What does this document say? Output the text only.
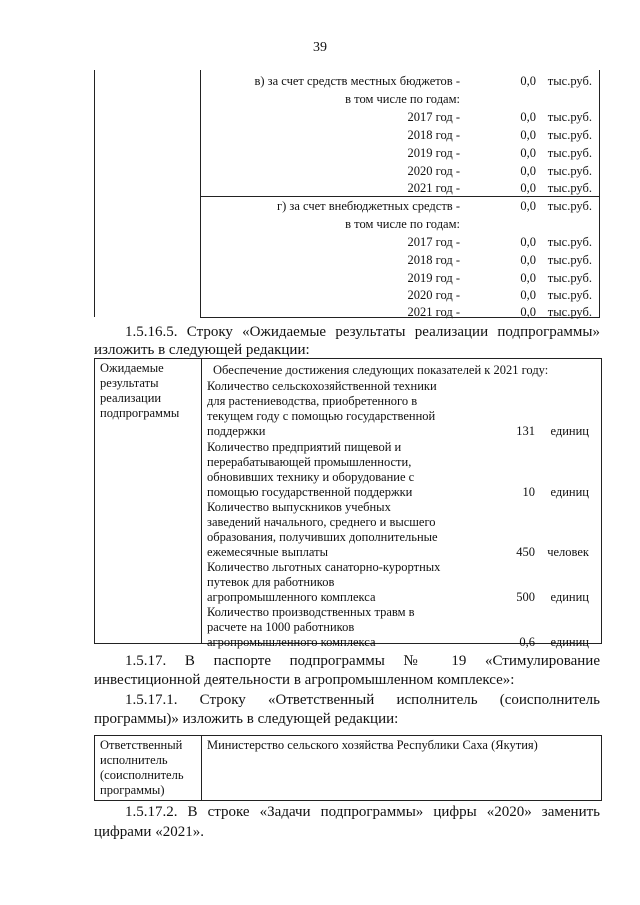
39
в) за счет средств местных бюджетов -	0,0 тыс.руб.
в том числе по годам:
2017 год -	0,0 тыс.руб.
2018 год -	0,0 тыс.руб.
2019 год -	0,0 тыс.руб.
2020 год -	0,0 тыс.руб.
2021 год -	0,0 тыс.руб.
г) за счет внебюджетных средств -	0,0 тыс.руб.
в том числе по годам:
2017 год -	0,0 тыс.руб.
2018 год -	0,0 тыс.руб.
2019 год -	0,0 тыс.руб.
2020 год -	0,0 тыс.руб.
2021 год -	0,0 тыс.руб.
1.5.16.5. Строку «Ожидаемые результаты реализации подпрограммы»
изложить в следующей редакции:
Ожидаемые
результаты
реализации
подпрограммы
Обеспечение достижения следующих показателей к 2021 году:
Количество сельскохозяйственной техники
для растениеводства, приобретенного в
текущем году с помощью государственной
поддержки	131 единиц
Количество предприятий пищевой и
перерабатывающей промышленности,
обновивших технику и оборудование с
помощью государственной поддержки	10 единиц
Количество выпускников учебных
заведений начального, среднего и высшего
образования, получивших дополнительные
ежемесячные выплаты	450 человек
Количество льготных санаторно-курортных
путевок для работников
агропромышленного комплекса	500 единиц
Количество производственных травм в
расчете на 1000 работников
агропромышленного комплекса	0,6 единиц
1.5.17. В паспорте подпрограммы № 19 «Стимулирование
инвестиционной деятельности в агропромышленном комплексе»:
1.5.17.1. Строку «Ответственный исполнитель (соисполнитель
программы)» изложить в следующей редакции:
Ответственный
исполнитель
(соисполнитель
программы)
Министерство сельского хозяйства Республики Саха (Якутия)
1.5.17.2. В строке «Задачи подпрограммы» цифры «2020» заменить
цифрами «2021».
